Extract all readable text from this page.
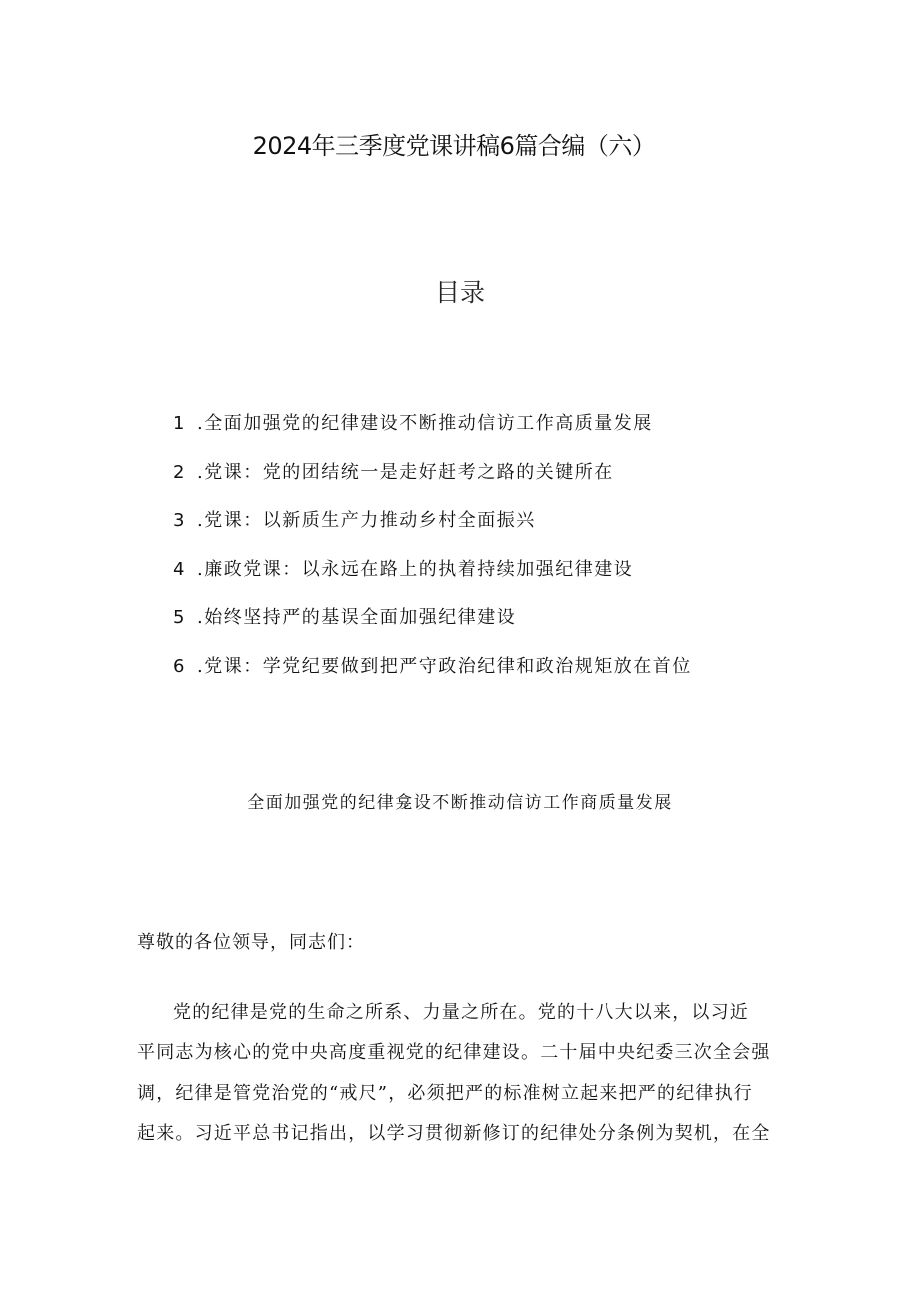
2024年三季度党课讲稿6篇合编（六）
目录
1 .全面加强党的纪律建设不断推动信访工作高质量发展
2 .党课：党的团结统一是走好赶考之路的关键所在
3 .党课：以新质生产力推动乡村全面振兴
4 .廉政党课：以永远在路上的执着持续加强纪律建设
5 .始终坚持严的基误全面加强纪律建设
6 .党课：学党纪要做到把严守政治纪律和政治规矩放在首位
全面加强党的纪律龛设不断推动信访工作商质量发展
尊敬的各位领导，同志们：
党的纪律是党的生命之所系、力量之所在。党的十八大以来，以习近
平同志为核心的党中央高度重视党的纪律建设。二十届中央纪委三次全会强
调，纪律是管党治党的“戒尺”，必须把严的标准树立起来把严的纪律执行
起来。习近平总书记指出，以学习贯彻新修订的纪律处分条例为契机，在全
